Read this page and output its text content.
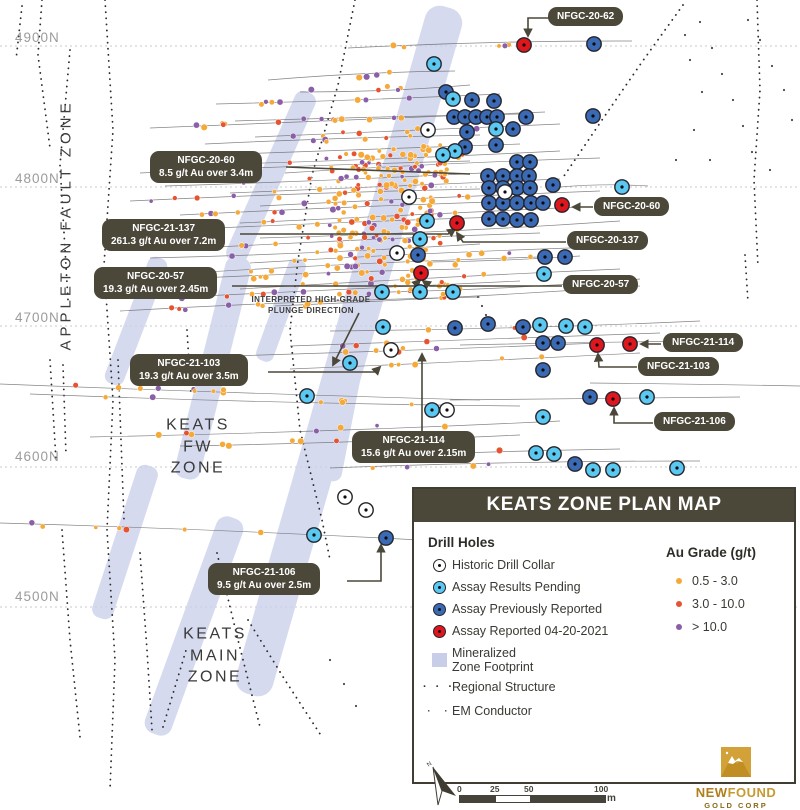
APPLETON FAULT ZONE
4900N
4800N
4700N
4600N
4500N
KEATS
FW
ZONE
KEATS
MAIN
ZONE
INTERPRETED HIGH-GRADE
PLUNGE DIRECTION
NFGC-20-62
NFGC-20-60
8.5 g/t Au over 3.4m
NFGC-21-137
261.3 g/t Au over 7.2m
NFGC-20-57
19.3 g/t Au over 2.45m
NFGC-21-103
19.3 g/t Au over 3.5m
NFGC-21-114
15.6 g/t Au over 2.15m
NFGC-21-106
9.5 g/t Au over 2.5m
NFGC-20-60
NFGC-20-137
NFGC-20-57
NFGC-21-114
NFGC-21-103
NFGC-21-106
KEATS ZONE PLAN MAP
Drill Holes
Au Grade (g/t)
Historic Drill Collar
Assay Results Pending
Assay Previously Reported
Assay Reported 04-20-2021
Mineralized
Zone Footprint
· · ·
Regional Structure
·  · EM Conductor
0.5 - 3.0
3.0 - 10.0
> 10.0
N
0	25	50	100
m	NEWFOUND
GOLD CORP
